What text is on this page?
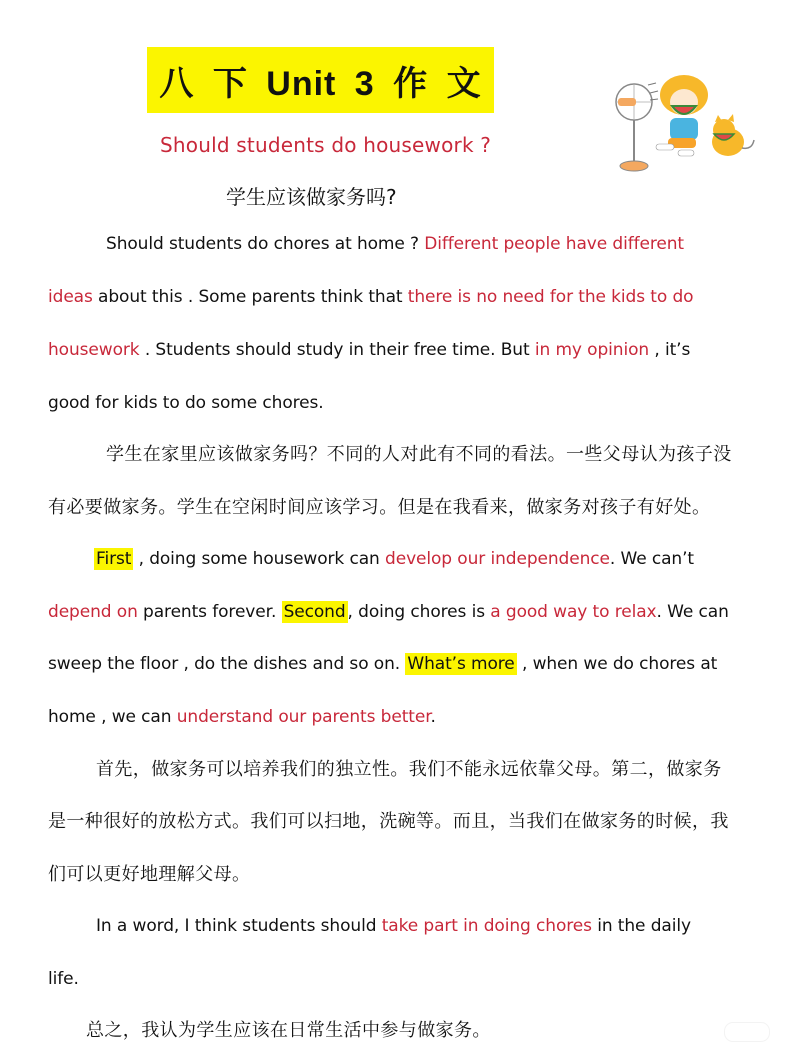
八 下 Unit 3 作 文
Should students do housework ?
学生应该做家务吗?
Should students do chores at home ? Different people have different
ideas about this . Some parents think that there is no need for the kids to do
housework . Students should study in their free time. But in my opinion , it’s
good for kids to do some chores.
学生在家里应该做家务吗？不同的人对此有不同的看法。一些父母认为孩子没
有必要做家务。学生在空闲时间应该学习。但是在我看来，做家务对孩子有好处。
First , doing some housework can develop our independence. We can’t
depend on parents forever. Second , doing chores is a good way to relax. We can
sweep the floor , do the dishes and so on. What’s more , when we do chores at
home , we can understand our parents better.
首先，做家务可以培养我们的独立性。我们不能永远依靠父母。第二，做家务
是一种很好的放松方式。我们可以扫地，洗碗等。而且，当我们在做家务的时候，我
们可以更好地理解父母。
In a word, I think students should take part in doing chores in the daily
life.
总之，我认为学生应该在日常生活中参与做家务。
